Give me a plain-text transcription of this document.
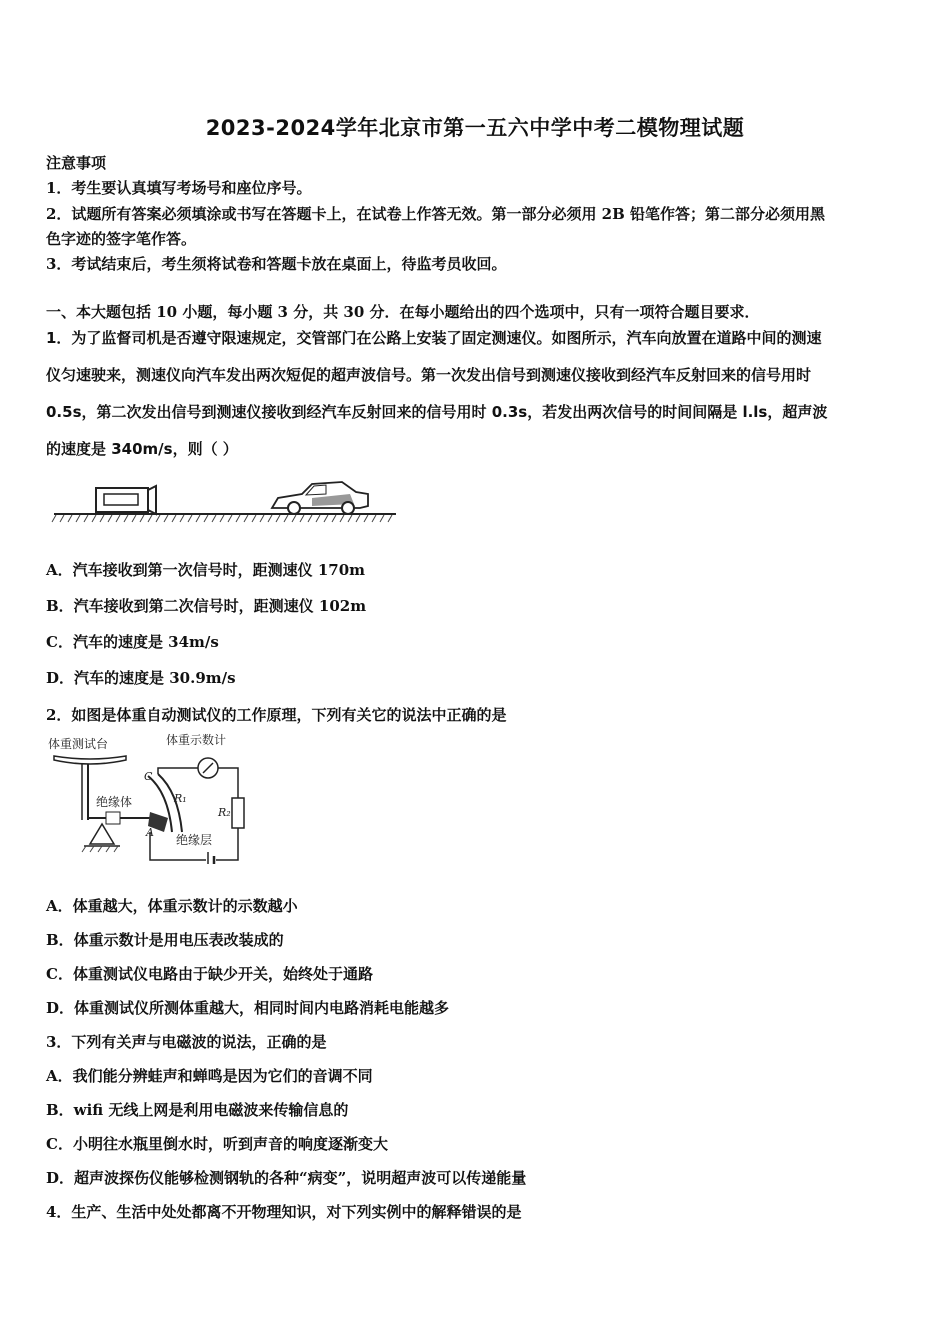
2023-2024学年北京市第一五六中学中考二模物理试题
注意事项
1．考生要认真填写考场号和座位序号。
2．试题所有答案必须填涂或书写在答题卡上，在试卷上作答无效。第一部分必须用 2B 铅笔作答；第二部分必须用黑
色字迹的签字笔作答。
3．考试结束后，考生须将试卷和答题卡放在桌面上，待监考员收回。
一、本大题包括 10 小题，每小题 3 分，共 30 分．在每小题给出的四个选项中，只有一项符合题目要求．
1．为了监督司机是否遵守限速规定，交管部门在公路上安装了固定测速仪。如图所示，汽车向放置在道路中间的测速
仪匀速驶来，测速仪向汽车发出两次短促的超声波信号。第一次发出信号到测速仪接收到经汽车反射回来的信号用时
0.5s，第二次发出信号到测速仪接收到经汽车反射回来的信号用时 0.3s，若发出两次信号的时间间隔是 l.ls，超声波
的速度是 340m/s，则（ ）
A．汽车接收到第一次信号时，距测速仪 170m
B．汽车接收到第二次信号时，距测速仪 102m
C．汽车的速度是 34m/s
D．汽车的速度是 30.9m/s
2．如图是体重自动测试仪的工作原理，下列有关它的说法中正确的是
体重测试台	体重示数计
绝缘体
C
R₁
A
绝缘层
R₂
A．体重越大，体重示数计的示数越小
B．体重示数计是用电压表改装成的
C．体重测试仪电路由于缺少开关，始终处于通路
D．体重测试仪所测体重越大，相同时间内电路消耗电能越多
3．下列有关声与电磁波的说法，正确的是
A．我们能分辨蛙声和蝉鸣是因为它们的音调不同
B．wifi 无线上网是利用电磁波来传输信息的
C．小明往水瓶里倒水时，听到声音的响度逐渐变大
D．超声波探伤仪能够检测钢轨的各种“病变”，说明超声波可以传递能量
4．生产、生活中处处都离不开物理知识，对下列实例中的解释错误的是
